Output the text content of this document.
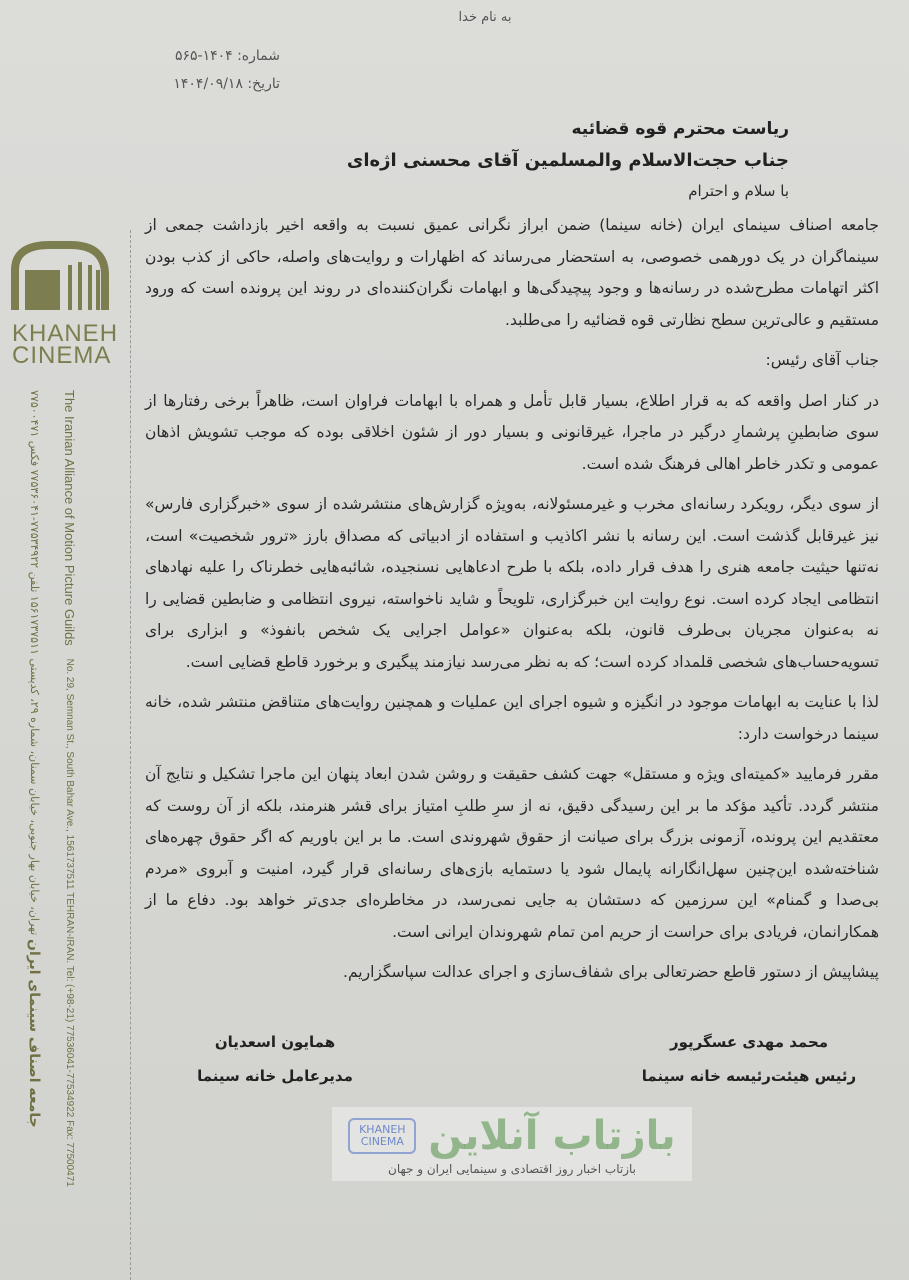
به نام خدا
شماره: ۱۴۰۴-۵۶۵
تاریخ: ۱۴۰۴/۰۹/۱۸
ریاست محترم قوه قضائیه
جناب حجت‌الاسلام والمسلمین آقای محسنی اژه‌ای
با سلام و احترام

جامعه اصناف سینمای ایران (خانه سینما) ضمن ابراز نگرانی عمیق نسبت به واقعه اخیر بازداشت جمعی از سینماگران در یک دورهمی خصوصی، به استحضار می‌رساند که اظهارات و روایت‌های واصله، حاکی از کذب بودن اکثر اتهامات مطرح‌شده در رسانه‌ها و وجود پیچیدگی‌ها و ابهامات نگران‌کننده‌ای در روند این پرونده است که ورود مستقیم و عالی‌ترین سطح نظارتی قوه قضائیه را می‌طلبد.

جناب آقای رئیس:

در کنار اصل واقعه که به قرار اطلاع، بسیار قابل تأمل و همراه با ابهامات فراوان است، ظاهراً برخی رفتارها از سوی ضابطینِ پرشمارِ درگیر در ماجرا، غیرقانونی و بسیار دور از شئون اخلاقی بوده که موجب تشویش اذهان عمومی و تکدر خاطر اهالی فرهنگ شده است.

از سوی دیگر، رویکرد رسانه‌ای مخرب و غیرمسئولانه، به‌ویژه گزارش‌های منتشرشده از سوی «خبرگزاری فارس» نیز غیرقابل گذشت است. این رسانه با نشر اکاذیب و استفاده از ادبیاتی که مصداق بارز «ترور شخصیت» است، نه‌تنها حیثیت جامعه هنری را هدف قرار داده، بلکه با طرح ادعاهایی نسنجیده، شائبه‌هایی خطرناک را علیه نهادهای انتظامی ایجاد کرده است. نوع روایت این خبرگزاری، تلویحاً و شاید ناخواسته، نیروی انتظامی و ضابطین قضایی را نه به‌عنوان مجریان بی‌طرف قانون، بلکه به‌عنوان «عوامل اجرایی یک شخص بانفوذ» و ابزاری برای تسویه‌حساب‌های شخصی قلمداد کرده است؛ که به نظر می‌رسد نیازمند پیگیری و برخورد قاطع قضایی است.

لذا با عنایت به ابهامات موجود در انگیزه و شیوه اجرای این عملیات و همچنین روایت‌های متناقض منتشر شده، خانه سینما درخواست دارد:

مقرر فرمایید «کمیته‌ای ویژه و مستقل» جهت کشف حقیقت و روشن شدن ابعاد پنهان این ماجرا تشکیل و نتایج آن منتشر گردد. تأکید مؤکد ما بر این رسیدگی دقیق، نه از سرِ طلبِ امتیاز برای قشر هنرمند، بلکه از آن روست که معتقدیم این پرونده، آزمونی بزرگ برای صیانت از حقوق شهروندی است. ما بر این باوریم که اگر حقوق چهره‌های شناخته‌شده این‌چنین سهل‌انگارانه پایمال شود یا دستمایه بازی‌های رسانه‌ای قرار گیرد، امنیت و آبروی «مردم بی‌صدا و گمنام» این سرزمین که دستشان به جایی نمی‌رسد، در مخاطره‌ای جدی‌تر خواهد بود. دفاع ما از همکارانمان، فریادی برای حراست از حریم امن تمام شهروندان ایرانی است.

پیشاپیش از دستور قاطع حضرتعالی برای شفاف‌سازی و اجرای عدالت سپاسگزاریم.

محمد مهدی عسگرپور
رئیس هیئت‌رئیسه خانه سینما
همایون اسعدیان
مدیرعامل خانه سینما
بازتاب آنلاین
KHANEH CINEMA
بازتاب اخبار روز اقتصادی و سینمایی ایران و جهان
KHANEH CINEMA
جامعه اصناف سینمای ایران تهران، خیابان بهار جنوبی، خیابان سمنان، شماره ۲۹، کدپستی ۱۵۶۱۷۳۷۵۱۱ تلفن ۷۷۵۳۴۹۲۲-۷۷۵۳۶۰۴۱ فکس ۷۷۵۰۰۴۷۱
The Iranian Alliance of Motion Picture Guilds No. 29, Semnan St., South Bahar Ave., 1561737511 TEHRAN-IRAN. Tel: (+98-21) 77536041-77534922 Fax: 77500471
